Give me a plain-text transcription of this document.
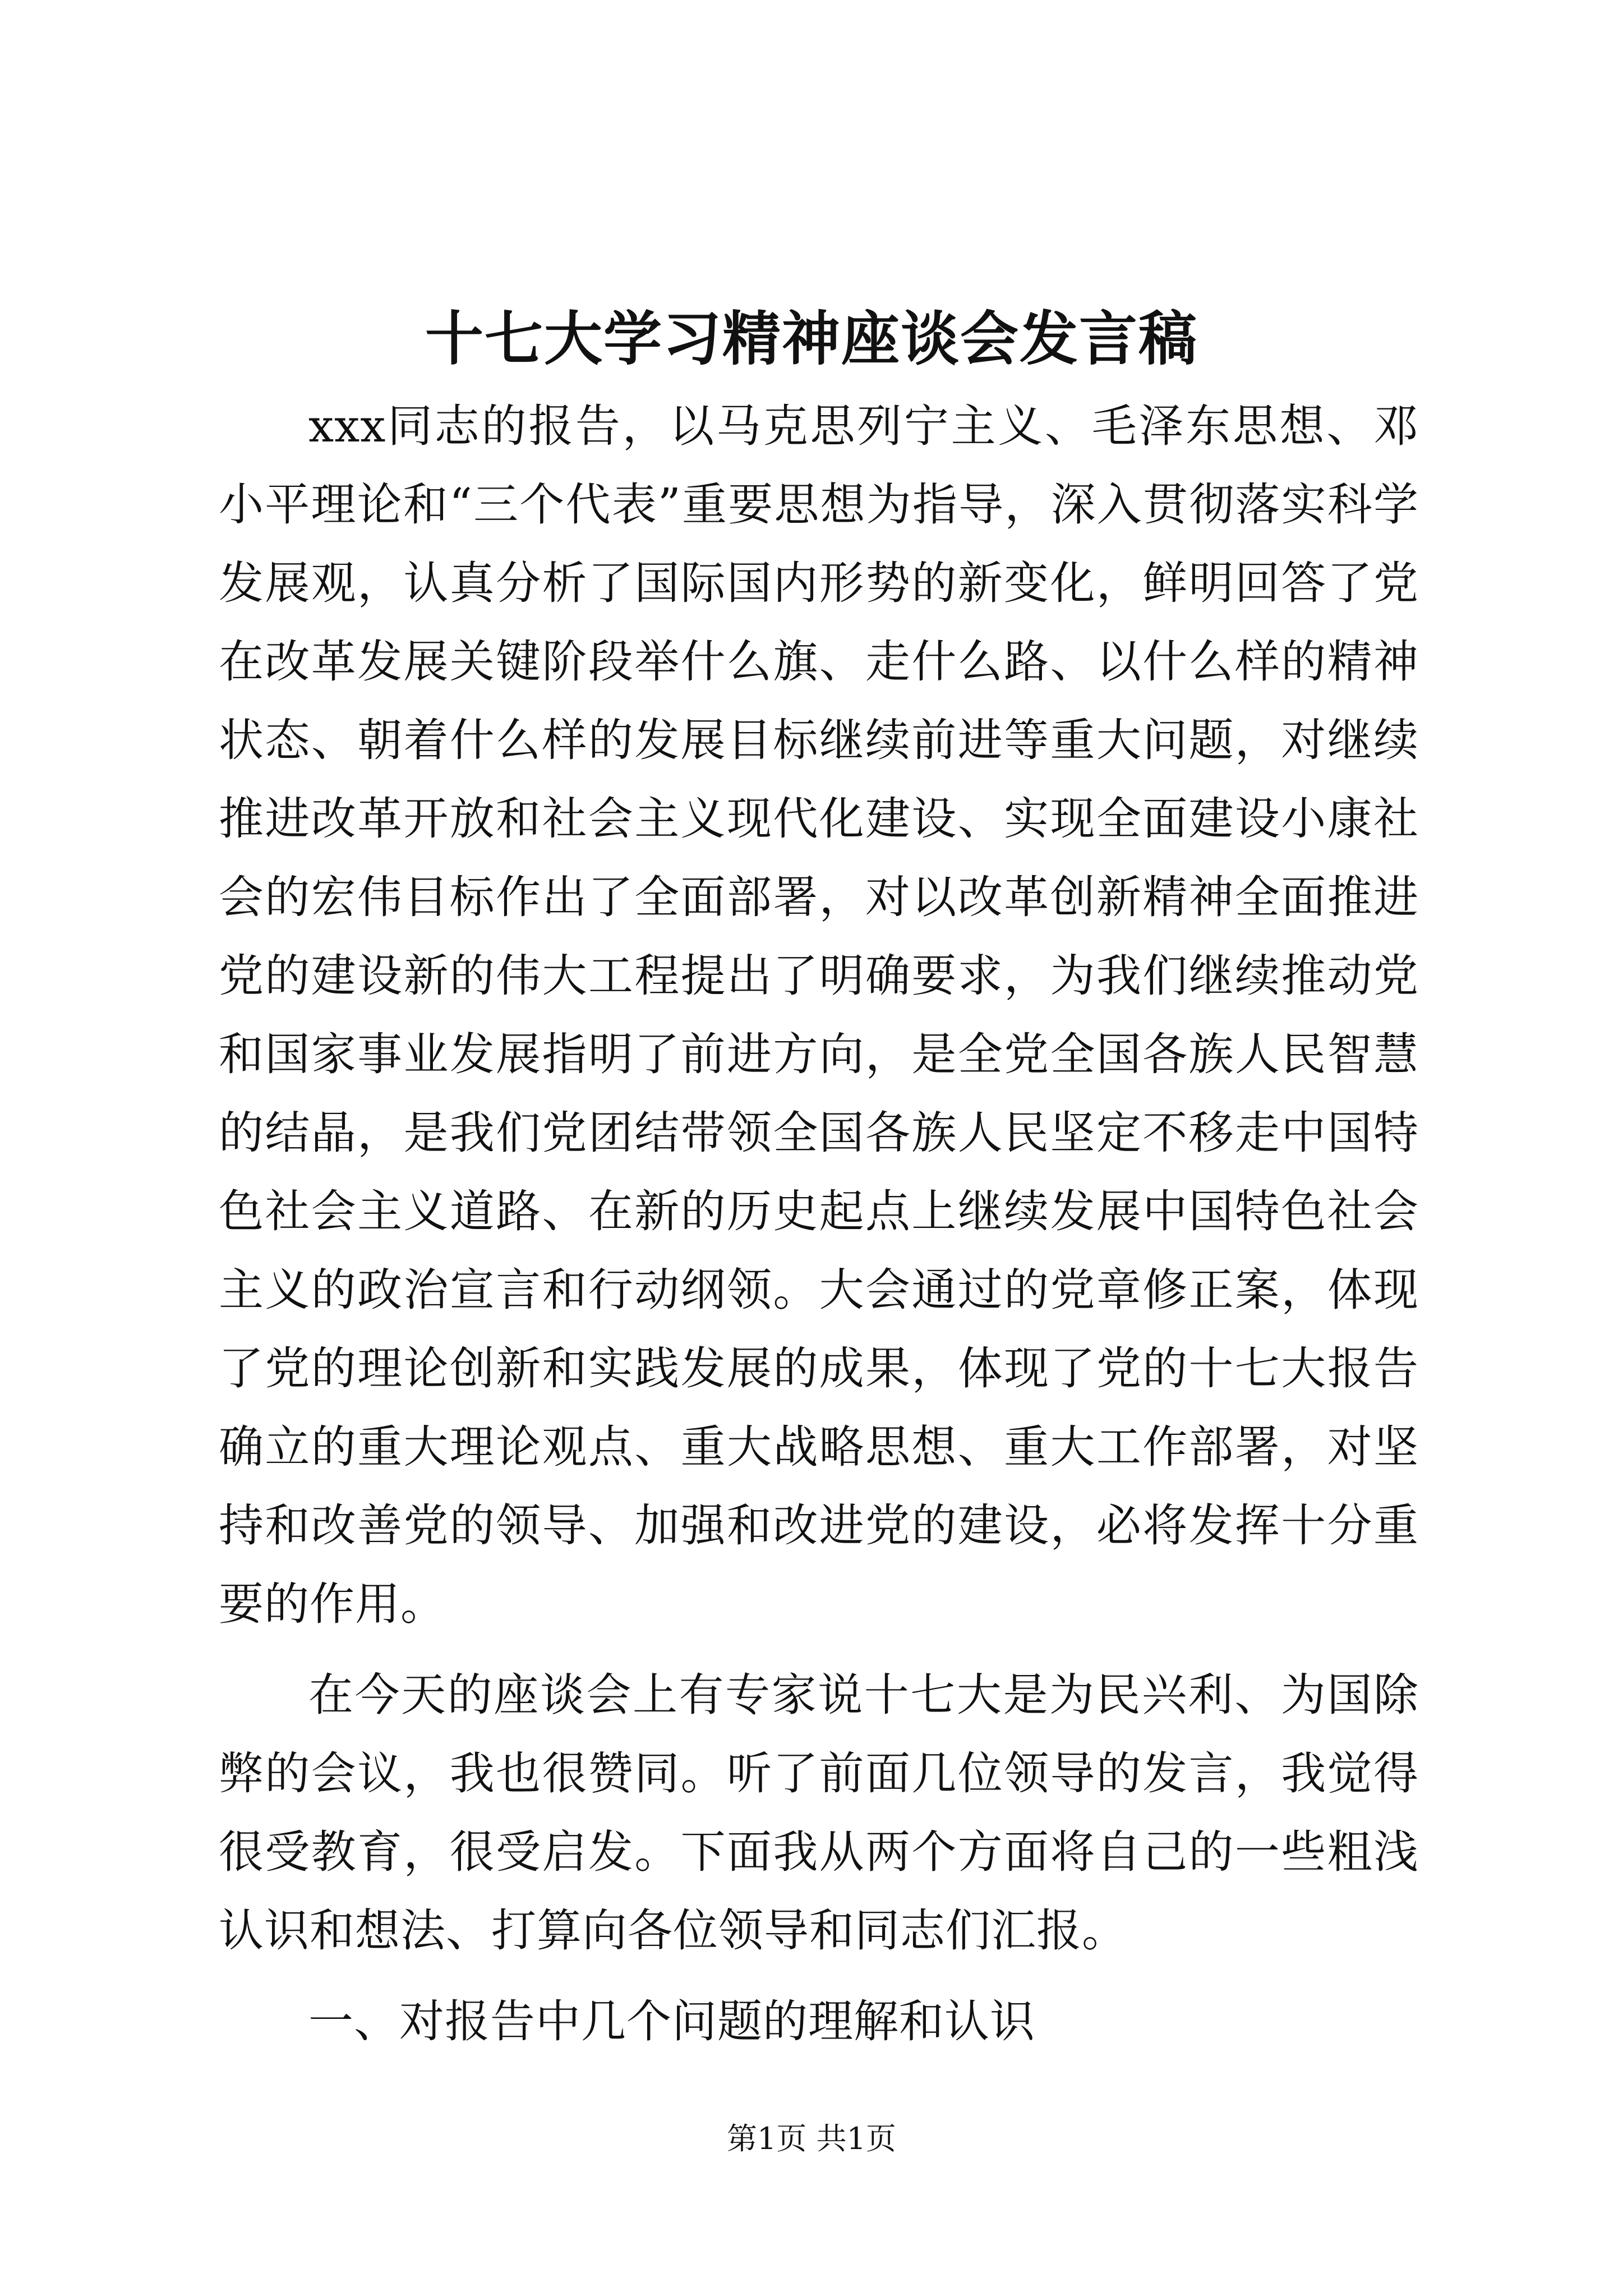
十七大学习精神座谈会发言稿

xxx同志的报告，以马克思列宁主义、毛泽东思想、邓小平理论和“三个代表”重要思想为指导，深入贯彻落实科学发展观，认真分析了国际国内形势的新变化，鲜明回答了党在改革发展关键阶段举什么旗、走什么路、以什么样的精神状态、朝着什么样的发展目标继续前进等重大问题，对继续推进改革开放和社会主义现代化建设、实现全面建设小康社会的宏伟目标作出了全面部署，对以改革创新精神全面推进党的建设新的伟大工程提出了明确要求，为我们继续推动党和国家事业发展指明了前进方向，是全党全国各族人民智慧的结晶，是我们党团结带领全国各族人民坚定不移走中国特色社会主义道路、在新的历史起点上继续发展中国特色社会主义的政治宣言和行动纲领。大会通过的党章修正案，体现了党的理论创新和实践发展的成果，体现了党的十七大报告确立的重大理论观点、重大战略思想、重大工作部署，对坚持和改善党的领导、加强和改进党的建设，必将发挥十分重要的作用。

在今天的座谈会上有专家说十七大是为民兴利、为国除弊的会议，我也很赞同。听了前面几位领导的发言，我觉得很受教育，很受启发。下面我从两个方面将自己的一些粗浅认识和想法、打算向各位领导和同志们汇报。

一、对报告中几个问题的理解和认识

第1页 共1页
